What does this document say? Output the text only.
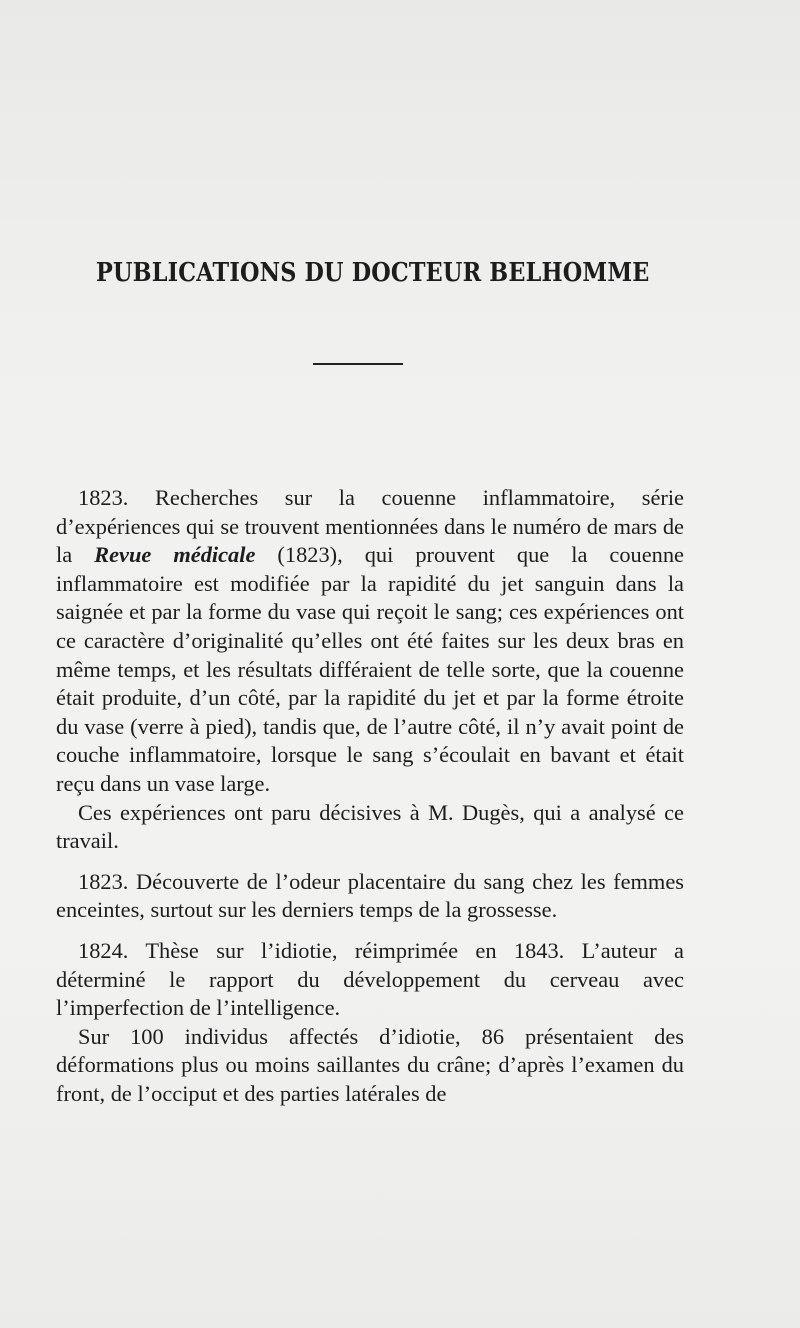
PUBLICATIONS DU DOCTEUR BELHOMME

1823. Recherches sur la couenne inflammatoire, série d’expériences qui se trouvent mentionnées dans le numéro de mars de la Revue médicale (1823), qui prouvent que la couenne inflammatoire est modifiée par la rapidité du jet sanguin dans la saignée et par la forme du vase qui reçoit le sang; ces expériences ont ce caractère d’originalité qu’elles ont été faites sur les deux bras en même temps, et les résultats différaient de telle sorte, que la couenne était produite, d’un côté, par la rapidité du jet et par la forme étroite du vase (verre à pied), tandis que, de l’autre côté, il n’y avait point de couche inflammatoire, lorsque le sang s’écoulait en bavant et était reçu dans un vase large.

Ces expériences ont paru décisives à M. Dugès, qui a analysé ce travail.

1823. Découverte de l’odeur placentaire du sang chez les femmes enceintes, surtout sur les derniers temps de la grossesse.

1824. Thèse sur l’idiotie, réimprimée en 1843. L’auteur a déterminé le rapport du développement du cerveau avec l’imperfection de l’intelligence.

Sur 100 individus affectés d’idiotie, 86 présentaient des déformations plus ou moins saillantes du crâne; d’après l’examen du front, de l’occiput et des parties latérales de
